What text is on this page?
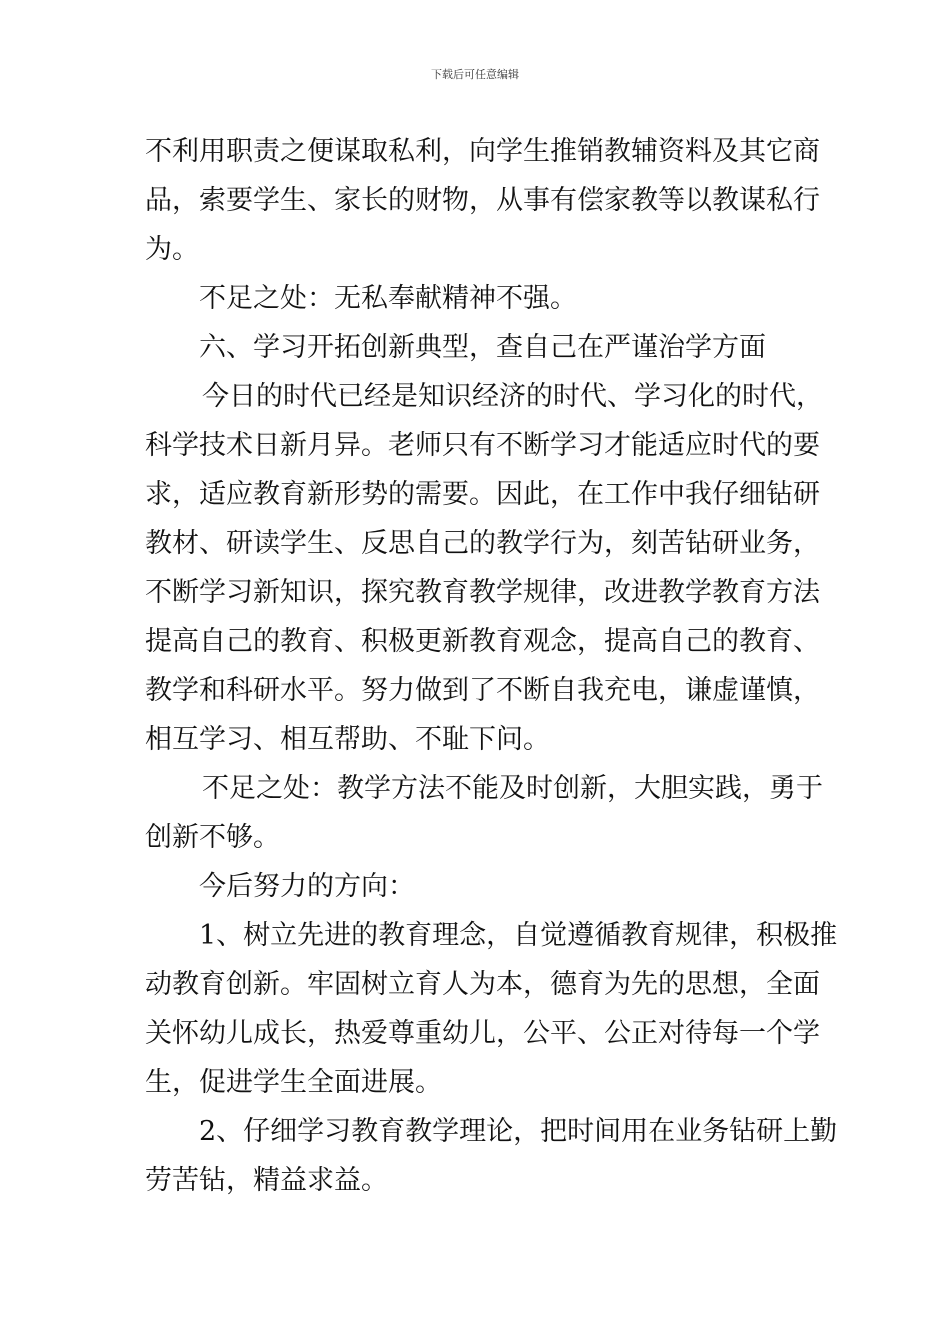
下载后可任意编辑
不利用职责之便谋取私利，向学生推销教辅资料及其它商
品，索要学生、家长的财物，从事有偿家教等以教谋私行
为。
不足之处：无私奉献精神不强。
六、学习开拓创新典型，查自己在严谨治学方面
今日的时代已经是知识经济的时代、学习化的时代，
科学技术日新月异。老师只有不断学习才能适应时代的要
求，适应教育新形势的需要。因此，在工作中我仔细钻研
教材、研读学生、反思自己的教学行为，刻苦钻研业务，
不断学习新知识，探究教育教学规律，改进教学教育方法
提高自己的教育、积极更新教育观念，提高自己的教育、
教学和科研水平。努力做到了不断自我充电，谦虚谨慎，
相互学习、相互帮助、不耻下问。
不足之处：教学方法不能及时创新，大胆实践，勇于
创新不够。
今后努力的方向：
1、树立先进的教育理念，自觉遵循教育规律，积极推
动教育创新。牢固树立育人为本，德育为先的思想，全面
关怀幼儿成长，热爱尊重幼儿，公平、公正对待每一个学
生，促进学生全面进展。
2、仔细学习教育教学理论，把时间用在业务钻研上勤
劳苦钻，精益求益。
